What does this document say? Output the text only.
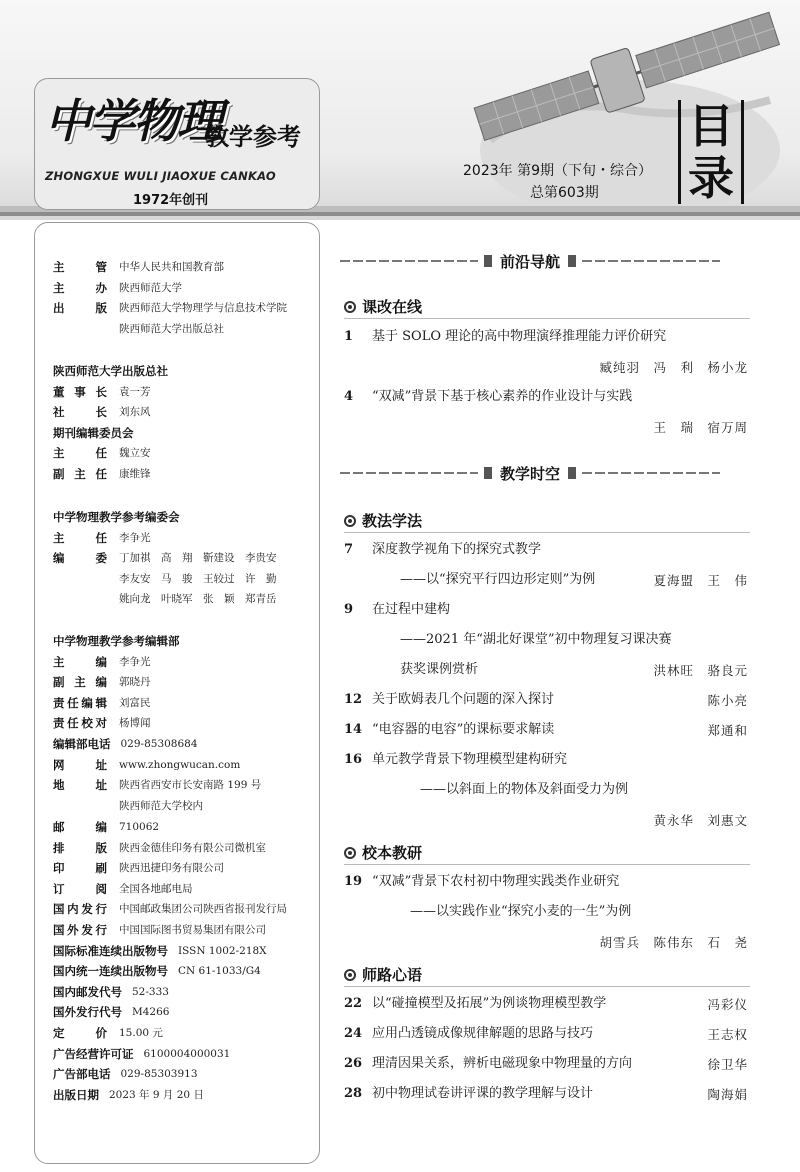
中学物理
教学参考
ZHONGXUE WULI JIAOXUE CANKAO
1972年创刊
2023年 第9期（下旬・综合）
总第603期
目
录
主　管 中华人民共和国教育部
主　办 陕西师范大学
出　版 陕西师范大学物理学与信息技术学院
陕西师范大学出版总社
陕西师范大学出版总社
董 事 长 袁一芳
社　　长 刘东风
期刊编辑委员会
主　　任 魏立安
副 主 任 康维锋
中学物理教学参考编委会
主　　任 李争光
编　　委 丁加祺　高　翔　靳建设　李贵安
李友安　马　骏　王较过　许　勤
姚向龙　叶晓军　张　颖　郑青岳
中学物理教学参考编辑部
主　　编 李争光
副 主 编 郭晓丹
责任编辑 刘富民
责任校对 杨博闻
编辑部电话 029-85308684
网　　址 www.zhongwucan.com
地　　址 陕西省西安市长安南路 199 号
陕西师范大学校内
邮　　编 710062
排　　版 陕西金德佳印务有限公司微机室
印　　刷 陕西迅捷印务有限公司
订　　阅 全国各地邮电局
国内发行 中国邮政集团公司陕西省报刊发行局
国外发行 中国国际图书贸易集团有限公司
国际标准连续出版物号 ISSN 1002-218X
国内统一连续出版物号 CN 61-1033/G4
国内邮发代号 52-333
国外发行代号 M4266
定　　价 15.00 元
广告经营许可证 6100004000031
广告部电话 029-85303913
出版日期 2023 年 9 月 20 日
前沿导航
课改在线
1 基于 SOLO 理论的高中物理演绎推理能力评价研究
臧纯羽　冯　利　杨小龙
4 “双减”背景下基于核心素养的作业设计与实践
王　瑞　宿万周
教学时空
教法学法
7 深度教学视角下的探究式教学
——以“探究平行四边形定则”为例	夏海盟　王　伟
9 在过程中建构
——2021 年“湖北好课堂”初中物理复习课决赛
获奖课例赏析	洪林旺　骆良元
12 关于欧姆表几个问题的深入探讨	陈小亮
14 “电容器的电容”的课标要求解读	郑通和
16 单元教学背景下物理模型建构研究
——以斜面上的物体及斜面受力为例
黄永华　刘惠文
校本教研
19 “双减”背景下农村初中物理实践类作业研究
——以实践作业“探究小麦的一生”为例
胡雪兵　陈伟东　石　尧
师路心语
22 以“碰撞模型及拓展”为例谈物理模型教学	冯彩仪
24 应用凸透镜成像规律解题的思路与技巧	王志权
26 理清因果关系，辨析电磁现象中物理量的方向	徐卫华
28 初中物理试卷讲评课的教学理解与设计	陶海娟
